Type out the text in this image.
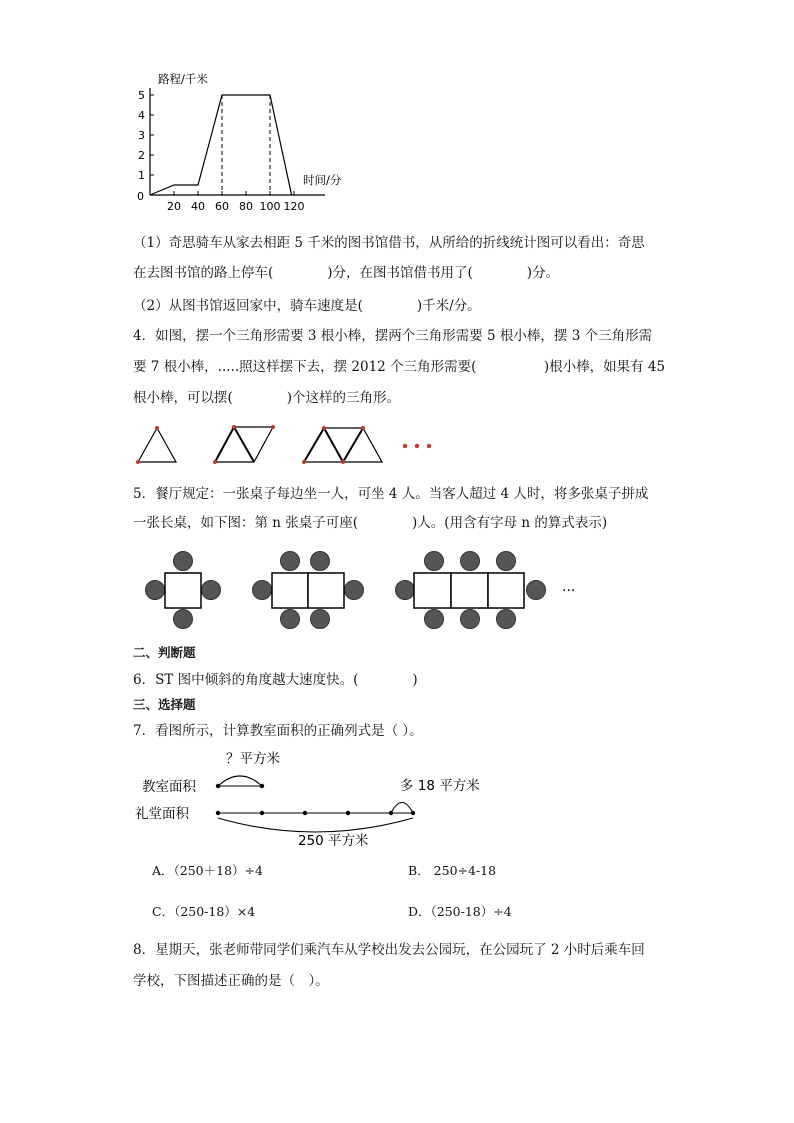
路程/千米
1
2
3
4
5
20 40 60 80 100 120
时间/分
0
（1）奇思骑车从家去相距 5 千米的图书馆借书，从所给的折线统计图可以看出：奇思
在去图书馆的路上停车(　　　　)分，在图书馆借书用了(　　　　)分。
（2）从图书馆返回家中，骑车速度是(　　　　)千米/分。
4．如图，摆一个三角形需要 3 根小棒，摆两个三角形需要 5 根小棒，摆 3 个三角形需
要 7 根小棒，.....照这样摆下去，摆 2012 个三角形需要(　　　　　)根小棒，如果有 45
根小棒，可以摆(　　　　)个这样的三角形。
5．餐厅规定：一张桌子每边坐一人，可坐 4 人。当客人超过 4 人时，将多张桌子拼成
一张长桌，如下图：第 n 张桌子可座(　　　　)人。(用含有字母 n 的算式表示)
···
二、判断题
6．ST 图中倾斜的角度越大速度快。(　　　　)
三、选择题
7．看图所示，计算教室面积的正确列式是（ ）。
教室面积
礼堂面积
？平方米
多 18 平方米
250 平方米
A．（250＋18）÷4	B． 250÷4-18
C．（250-18）×4	D．（250-18）÷4
8．星期天，张老师带同学们乘汽车从学校出发去公园玩，在公园玩了 2 小时后乘车回
学校，下图描述正确的是（　）。
